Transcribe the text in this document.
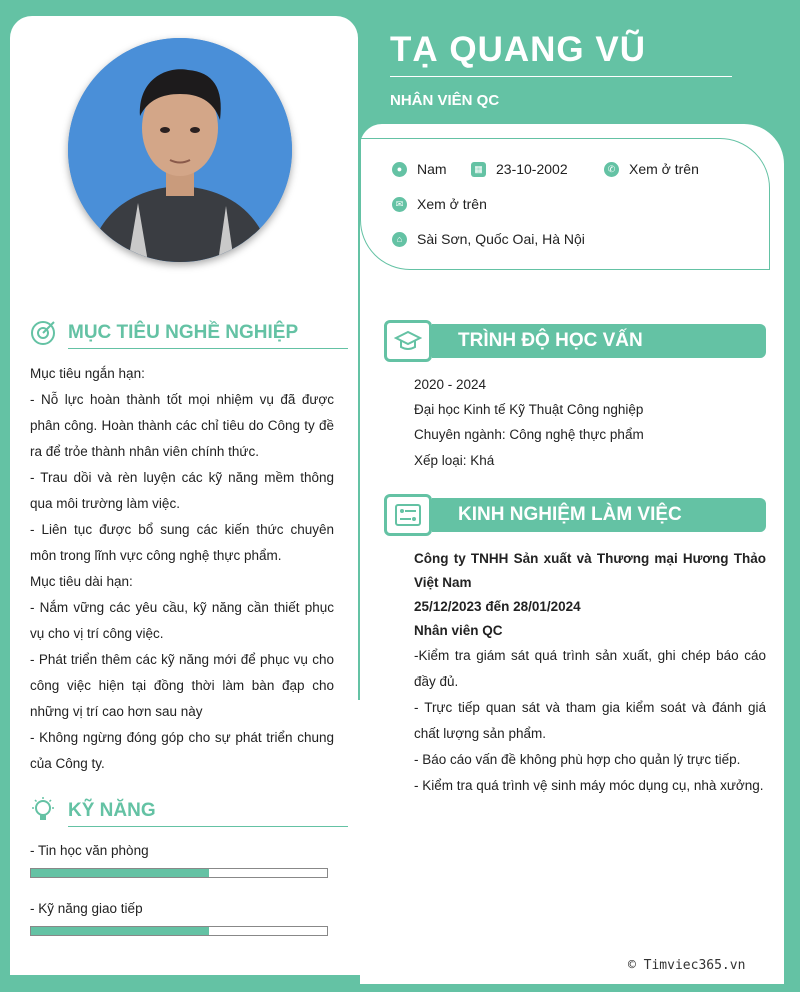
TẠ QUANG VŨ
NHÂN VIÊN QC
●	Nam	▦ 23-10-2002	✆ Xem ở trên
✉ Xem ở trên
⌂	Sài Sơn, Quốc Oai, Hà Nội
MỤC TIÊU NGHỀ NGHIỆP
Mục tiêu ngắn hạn:
- Nỗ lực hoàn thành tốt mọi nhiệm vụ đã được phân công. Hoàn thành các chỉ tiêu do Công ty đề ra để trỏe thành nhân viên chính thức.
- Trau dồi và rèn luyện các kỹ năng mềm thông qua môi trường làm việc.
- Liên tục được bổ sung các kiến thức chuyên môn trong lĩnh vực công nghệ thực phẩm.
Mục tiêu dài hạn:
- Nắm vững các yêu cầu, kỹ năng cần thiết phục vụ cho vị trí công việc.
- Phát triển thêm các kỹ năng mới để phục vụ cho công việc hiện tại đồng thời làm bàn đạp cho những vị trí cao hơn sau này
- Không ngừng đóng góp cho sự phát triển chung của Công ty.
KỸ NĂNG
- Tin học văn phòng
- Kỹ năng giao tiếp
TRÌNH ĐỘ HỌC VẤN
2020 - 2024
Đại học Kinh tế Kỹ Thuật Công nghiệp
Chuyên ngành: Công nghệ thực phẩm
Xếp loại: Khá
KINH NGHIỆM LÀM VIỆC
Công ty TNHH Sản xuất và Thương mại Hương Thảo Việt Nam
25/12/2023 đến 28/01/2024
Nhân viên QC
-Kiểm tra giám sát quá trình sản xuất, ghi chép báo cáo đầy đủ.
- Trực tiếp quan sát và tham gia kiểm soát và đánh giá chất lượng sản phẩm.
- Báo cáo vấn đề không phù hợp cho quản lý trực tiếp.
- Kiểm tra quá trình vệ sinh máy móc dụng cụ, nhà xưởng.
© Timviec365.vn
